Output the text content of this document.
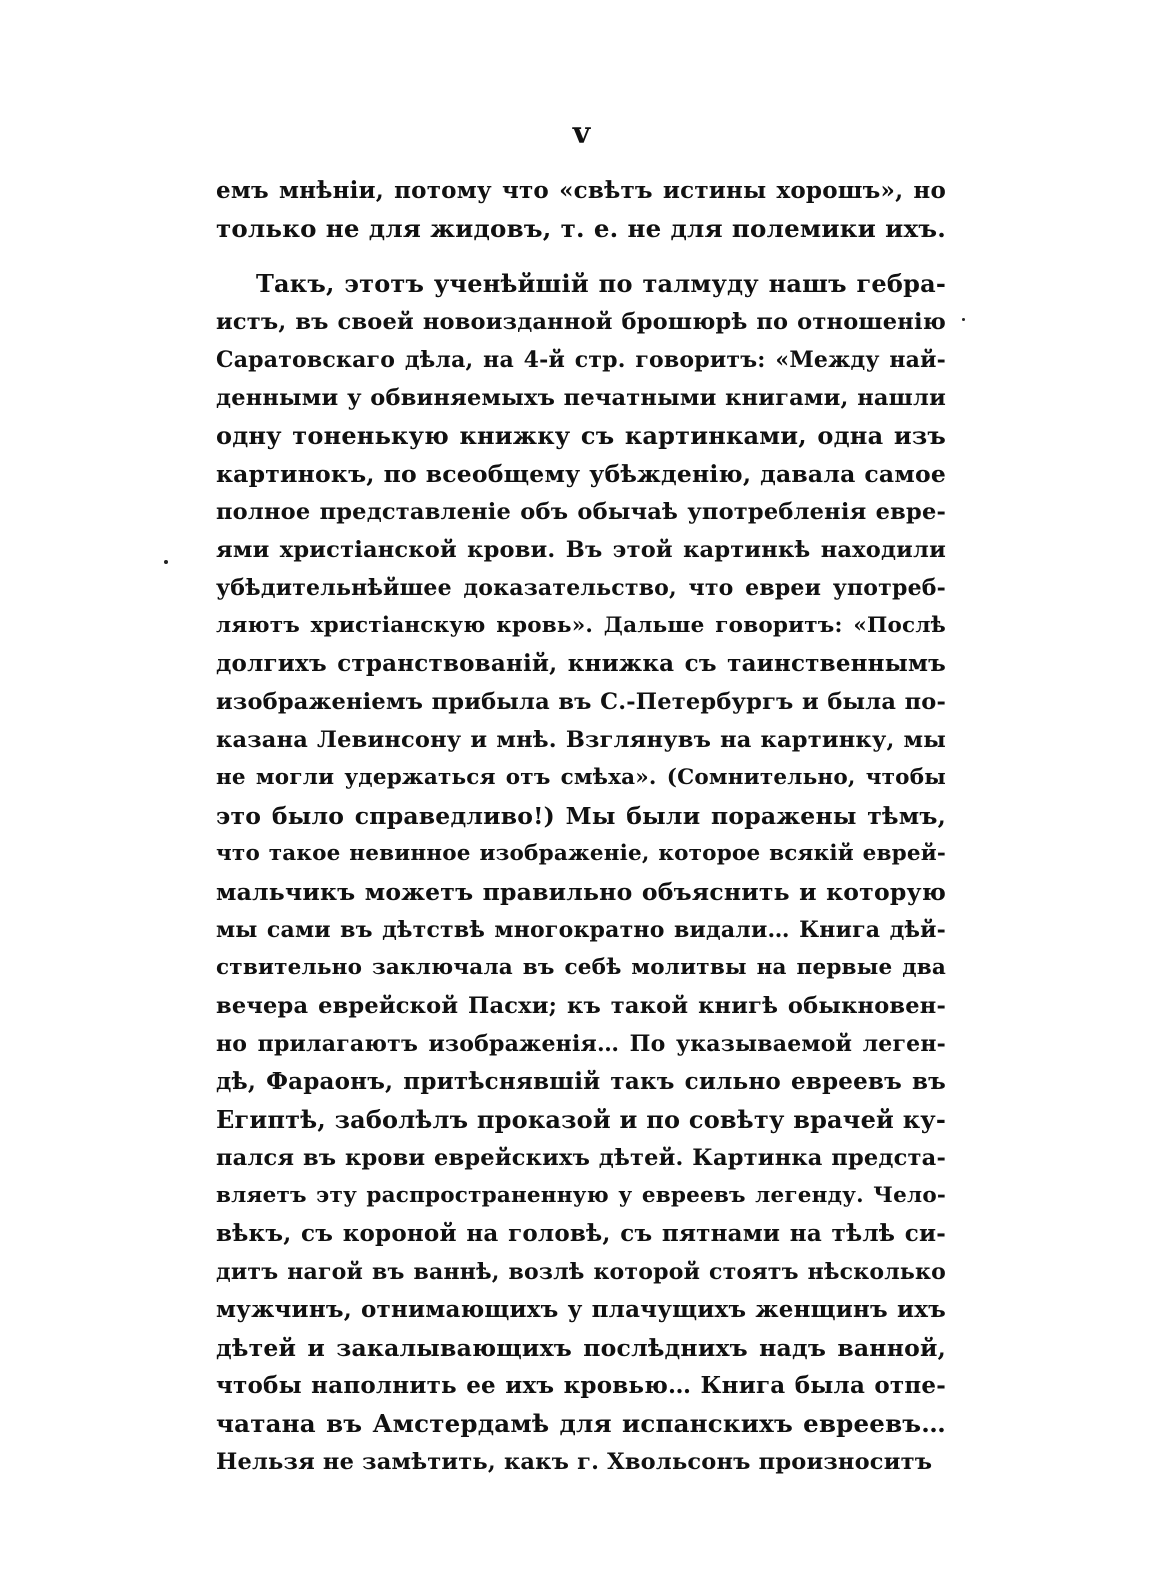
v
емъ мнѣніи, потому что «свѣтъ истины хорошъ», но
только не для жидовъ, т. е. не для полемики ихъ.
Такъ, этотъ ученѣйшій по талмуду нашъ гебра-
истъ, въ своей новоизданной брошюрѣ по отношенію
Саратовскаго дѣла, на 4-й стр. говоритъ: «Между най-
денными у обвиняемыхъ печатными книгами, нашли
одну тоненькую книжку съ картинками, одна изъ
картинокъ, по всеобщему убѣжденію, давала самое
полное представленіе объ обычаѣ употребленія евре-
ями христіанской крови. Въ этой картинкѣ находили
убѣдительнѣйшее доказательство, что евреи употреб-
ляютъ христіанскую кровь». Дальше говоритъ: «Послѣ
долгихъ странствованій, книжка съ таинственнымъ
изображеніемъ прибыла въ С.-Петербургъ и была по-
казана Левинсону и мнѣ. Взглянувъ на картинку, мы
не могли удержаться отъ смѣха». (Сомнительно, чтобы
это было справедливо!) Мы были поражены тѣмъ,
что такое невинное изображеніе, которое всякій еврей-
мальчикъ можетъ правильно объяснить и которую
мы сами въ дѣтствѣ многократно видали… Книга дѣй-
ствительно заключала въ себѣ молитвы на первые два
вечера еврейской Пасхи; къ такой книгѣ обыкновен-
но прилагаютъ изображенія… По указываемой леген-
дѣ, Фараонъ, притѣснявшій такъ сильно евреевъ въ
Египтѣ, заболѣлъ проказой и по совѣту врачей ку-
пался въ крови еврейскихъ дѣтей. Картинка предста-
вляетъ эту распространенную у евреевъ легенду. Чело-
вѣкъ, съ короной на головѣ, съ пятнами на тѣлѣ си-
дитъ нагой въ ваннѣ, возлѣ которой стоятъ нѣсколько
мужчинъ, отнимающихъ у плачущихъ женщинъ ихъ
дѣтей и закалывающихъ послѣднихъ надъ ванной,
чтобы наполнить ее ихъ кровью… Книга была отпе-
чатана въ Амстердамѣ для испанскихъ евреевъ…
Нельзя не замѣтить, какъ г. Хвольсонъ произноситъ
